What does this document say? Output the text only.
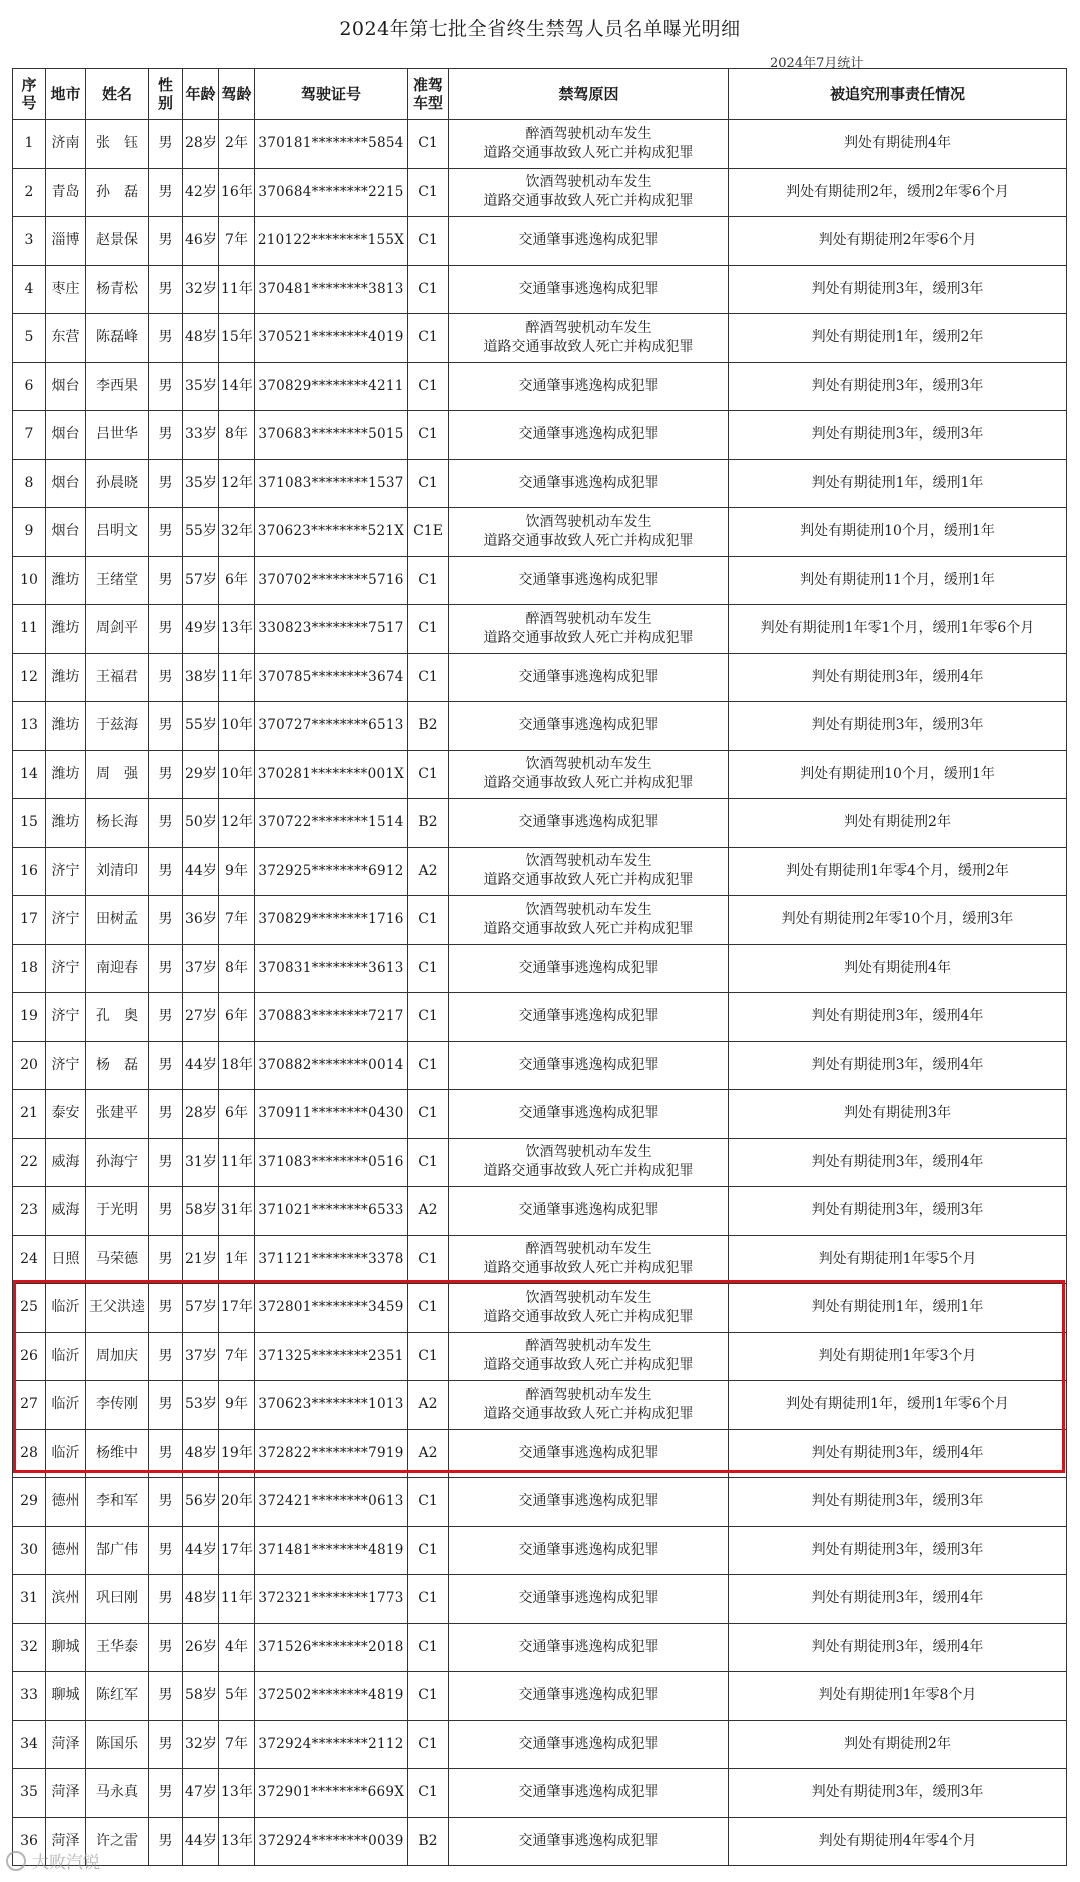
2024年第七批全省终生禁驾人员名单曝光明细
2024年7月统计
序号	地市	姓名	性别	年龄	驾龄	驾驶证号	准驾车型	禁驾原因	被追究刑事责任情况
1	济南	张　钰	男	28岁	2年	370181********5854	C1	醉酒驾驶机动车发生
道路交通事故致人死亡并构成犯罪	判处有期徒刑4年
2	青岛	孙　磊	男	42岁	16年	370684********2215	C1	饮酒驾驶机动车发生
道路交通事故致人死亡并构成犯罪	判处有期徒刑2年，缓刑2年零6个月
3	淄博	赵景保	男	46岁	7年	210122********155X	C1	交通肇事逃逸构成犯罪	判处有期徒刑2年零6个月
4	枣庄	杨青松	男	32岁	11年	370481********3813	C1	交通肇事逃逸构成犯罪	判处有期徒刑3年，缓刑3年
5	东营	陈磊峰	男	48岁	15年	370521********4019	C1	醉酒驾驶机动车发生
道路交通事故致人死亡并构成犯罪	判处有期徒刑1年，缓刑2年
6	烟台	李西果	男	35岁	14年	370829********4211	C1	交通肇事逃逸构成犯罪	判处有期徒刑3年，缓刑3年
7	烟台	吕世华	男	33岁	8年	370683********5015	C1	交通肇事逃逸构成犯罪	判处有期徒刑3年，缓刑3年
8	烟台	孙晨晓	男	35岁	12年	371083********1537	C1	交通肇事逃逸构成犯罪	判处有期徒刑1年，缓刑1年
9	烟台	吕明文	男	55岁	32年	370623********521X	C1E	饮酒驾驶机动车发生
道路交通事故致人死亡并构成犯罪	判处有期徒刑10个月，缓刑1年
10	潍坊	王绪堂	男	57岁	6年	370702********5716	C1	交通肇事逃逸构成犯罪	判处有期徒刑11个月，缓刑1年
11	潍坊	周剑平	男	49岁	13年	330823********7517	C1	醉酒驾驶机动车发生
道路交通事故致人死亡并构成犯罪	判处有期徒刑1年零1个月，缓刑1年零6个月
12	潍坊	王福君	男	38岁	11年	370785********3674	C1	交通肇事逃逸构成犯罪	判处有期徒刑3年，缓刑4年
13	潍坊	于兹海	男	55岁	10年	370727********6513	B2	交通肇事逃逸构成犯罪	判处有期徒刑3年，缓刑3年
14	潍坊	周　强	男	29岁	10年	370281********001X	C1	饮酒驾驶机动车发生
道路交通事故致人死亡并构成犯罪	判处有期徒刑10个月，缓刑1年
15	潍坊	杨长海	男	50岁	12年	370722********1514	B2	交通肇事逃逸构成犯罪	判处有期徒刑2年
16	济宁	刘清印	男	44岁	9年	372925********6912	A2	饮酒驾驶机动车发生
道路交通事故致人死亡并构成犯罪	判处有期徒刑1年零4个月，缓刑2年
17	济宁	田树孟	男	36岁	7年	370829********1716	C1	饮酒驾驶机动车发生
道路交通事故致人死亡并构成犯罪	判处有期徒刑2年零10个月，缓刑3年
18	济宁	南迎春	男	37岁	8年	370831********3613	C1	交通肇事逃逸构成犯罪	判处有期徒刑4年
19	济宁	孔　奥	男	27岁	6年	370883********7217	C1	交通肇事逃逸构成犯罪	判处有期徒刑3年，缓刑4年
20	济宁	杨　磊	男	44岁	18年	370882********0014	C1	交通肇事逃逸构成犯罪	判处有期徒刑3年，缓刑4年
21	泰安	张建平	男	28岁	6年	370911********0430	C1	交通肇事逃逸构成犯罪	判处有期徒刑3年
22	威海	孙海宁	男	31岁	11年	371083********0516	C1	饮酒驾驶机动车发生
道路交通事故致人死亡并构成犯罪	判处有期徒刑3年，缓刑4年
23	威海	于光明	男	58岁	31年	371021********6533	A2	交通肇事逃逸构成犯罪	判处有期徒刑3年，缓刑3年
24	日照	马荣德	男	21岁	1年	371121********3378	C1	醉酒驾驶机动车发生
道路交通事故致人死亡并构成犯罪	判处有期徒刑1年零5个月
25	临沂	王父洪逵	男	57岁	17年	372801********3459	C1	饮酒驾驶机动车发生
道路交通事故致人死亡并构成犯罪	判处有期徒刑1年，缓刑1年
26	临沂	周加庆	男	37岁	7年	371325********2351	C1	醉酒驾驶机动车发生
道路交通事故致人死亡并构成犯罪	判处有期徒刑1年零3个月
27	临沂	李传刚	男	53岁	9年	370623********1013	A2	醉酒驾驶机动车发生
道路交通事故致人死亡并构成犯罪	判处有期徒刑1年，缓刑1年零6个月
28	临沂	杨维中	男	48岁	19年	372822********7919	A2	交通肇事逃逸构成犯罪	判处有期徒刑3年，缓刑4年
29	德州	李和军	男	56岁	20年	372421********0613	C1	交通肇事逃逸构成犯罪	判处有期徒刑3年，缓刑3年
30	德州	郜广伟	男	44岁	17年	371481********4819	C1	交通肇事逃逸构成犯罪	判处有期徒刑3年，缓刑3年
31	滨州	巩曰刚	男	48岁	11年	372321********1773	C1	交通肇事逃逸构成犯罪	判处有期徒刑3年，缓刑4年
32	聊城	王华泰	男	26岁	4年	371526********2018	C1	交通肇事逃逸构成犯罪	判处有期徒刑3年，缓刑4年
33	聊城	陈红军	男	58岁	5年	372502********4819	C1	交通肇事逃逸构成犯罪	判处有期徒刑1年零8个月
34	菏泽	陈国乐	男	32岁	7年	372924********2112	C1	交通肇事逃逸构成犯罪	判处有期徒刑2年
35	菏泽	马永真	男	47岁	13年	372901********669X	C1	交通肇事逃逸构成犯罪	判处有期徒刑3年，缓刑3年
36	菏泽	许之雷	男	44岁	13年	372924********0039	B2	交通肇事逃逸构成犯罪	判处有期徒刑4年零4个月
大败汽锐
